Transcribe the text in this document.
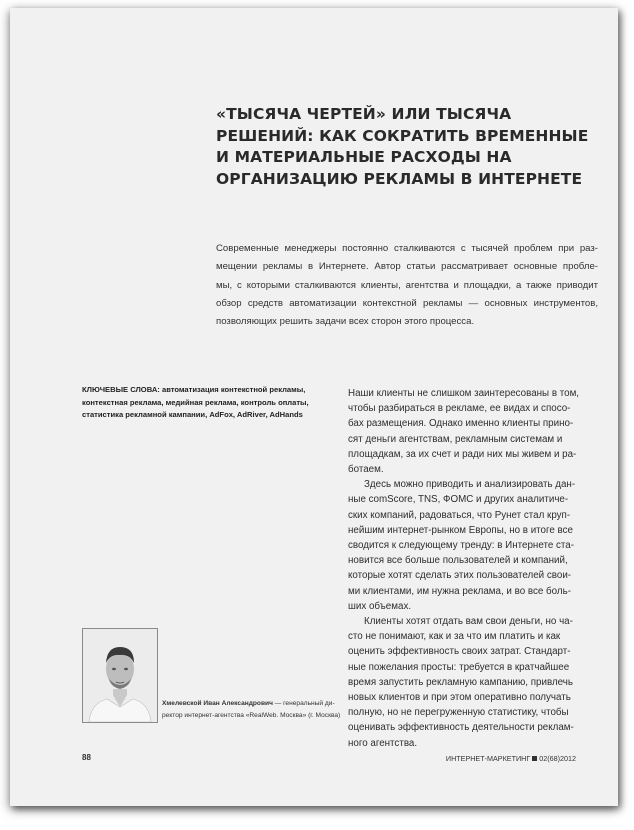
«ТЫСЯЧА ЧЕРТЕЙ» ИЛИ ТЫСЯЧА
РЕШЕНИЙ: КАК СОКРАТИТЬ ВРЕМЕННЫЕ
И МАТЕРИАЛЬНЫЕ РАСХОДЫ НА
ОРГАНИЗАЦИЮ РЕКЛАМЫ В ИНТЕРНЕТЕ
Современные менеджеры постоянно сталкиваются с тысячей проблем при раз-
мещении рекламы в Интернете. Автор статьи рассматривает основные пробле-
мы, с которыми сталкиваются клиенты, агентства и площадки, а также приводит
обзор средств автоматизации контекстной рекламы — основных инструментов,
позволяющих решить задачи всех сторон этого процесса.
КЛЮЧЕВЫЕ СЛОВА: автоматизация контекстной рекламы,
контекстная реклама, медийная реклама, контроль оплаты,
статистика рекламной кампании, AdFox, AdRiver, AdHands
Наши клиенты не слишком заинтересованы в том,
чтобы разбираться в рекламе, ее видах и спосо-
бах размещения. Однако именно клиенты прино-
сят деньги агентствам, рекламным системам и
площадкам, за их счет и ради них мы живем и ра-
ботаем.
Здесь можно приводить и анализировать дан-
ные comScore, TNS, ФОМС и других аналитиче-
ских компаний, радоваться, что Рунет стал круп-
нейшим интернет-рынком Европы, но в итоге все
сводится к следующему тренду: в Интернете ста-
новится все больше пользователей и компаний,
которые хотят сделать этих пользователей свои-
ми клиентами, им нужна реклама, и во все боль-
ших объемах.
Клиенты хотят отдать вам свои деньги, но ча-
сто не понимают, как и за что им платить и как
оценить эффективность своих затрат. Стандарт-
ные пожелания просты: требуется в кратчайшее
время запустить рекламную кампанию, привлечь
новых клиентов и при этом оперативно получать
полную, но не перегруженную статистику, чтобы
оценивать эффективность деятельности реклам-
ного агентства.
Хмелевской Иван Александрович — генеральный ди-
ректор интернет-агентства «RealWeb. Москва» (г. Москва)
88	ИНТЕРНЕТ-МАРКЕТИНГ 02(68)2012
